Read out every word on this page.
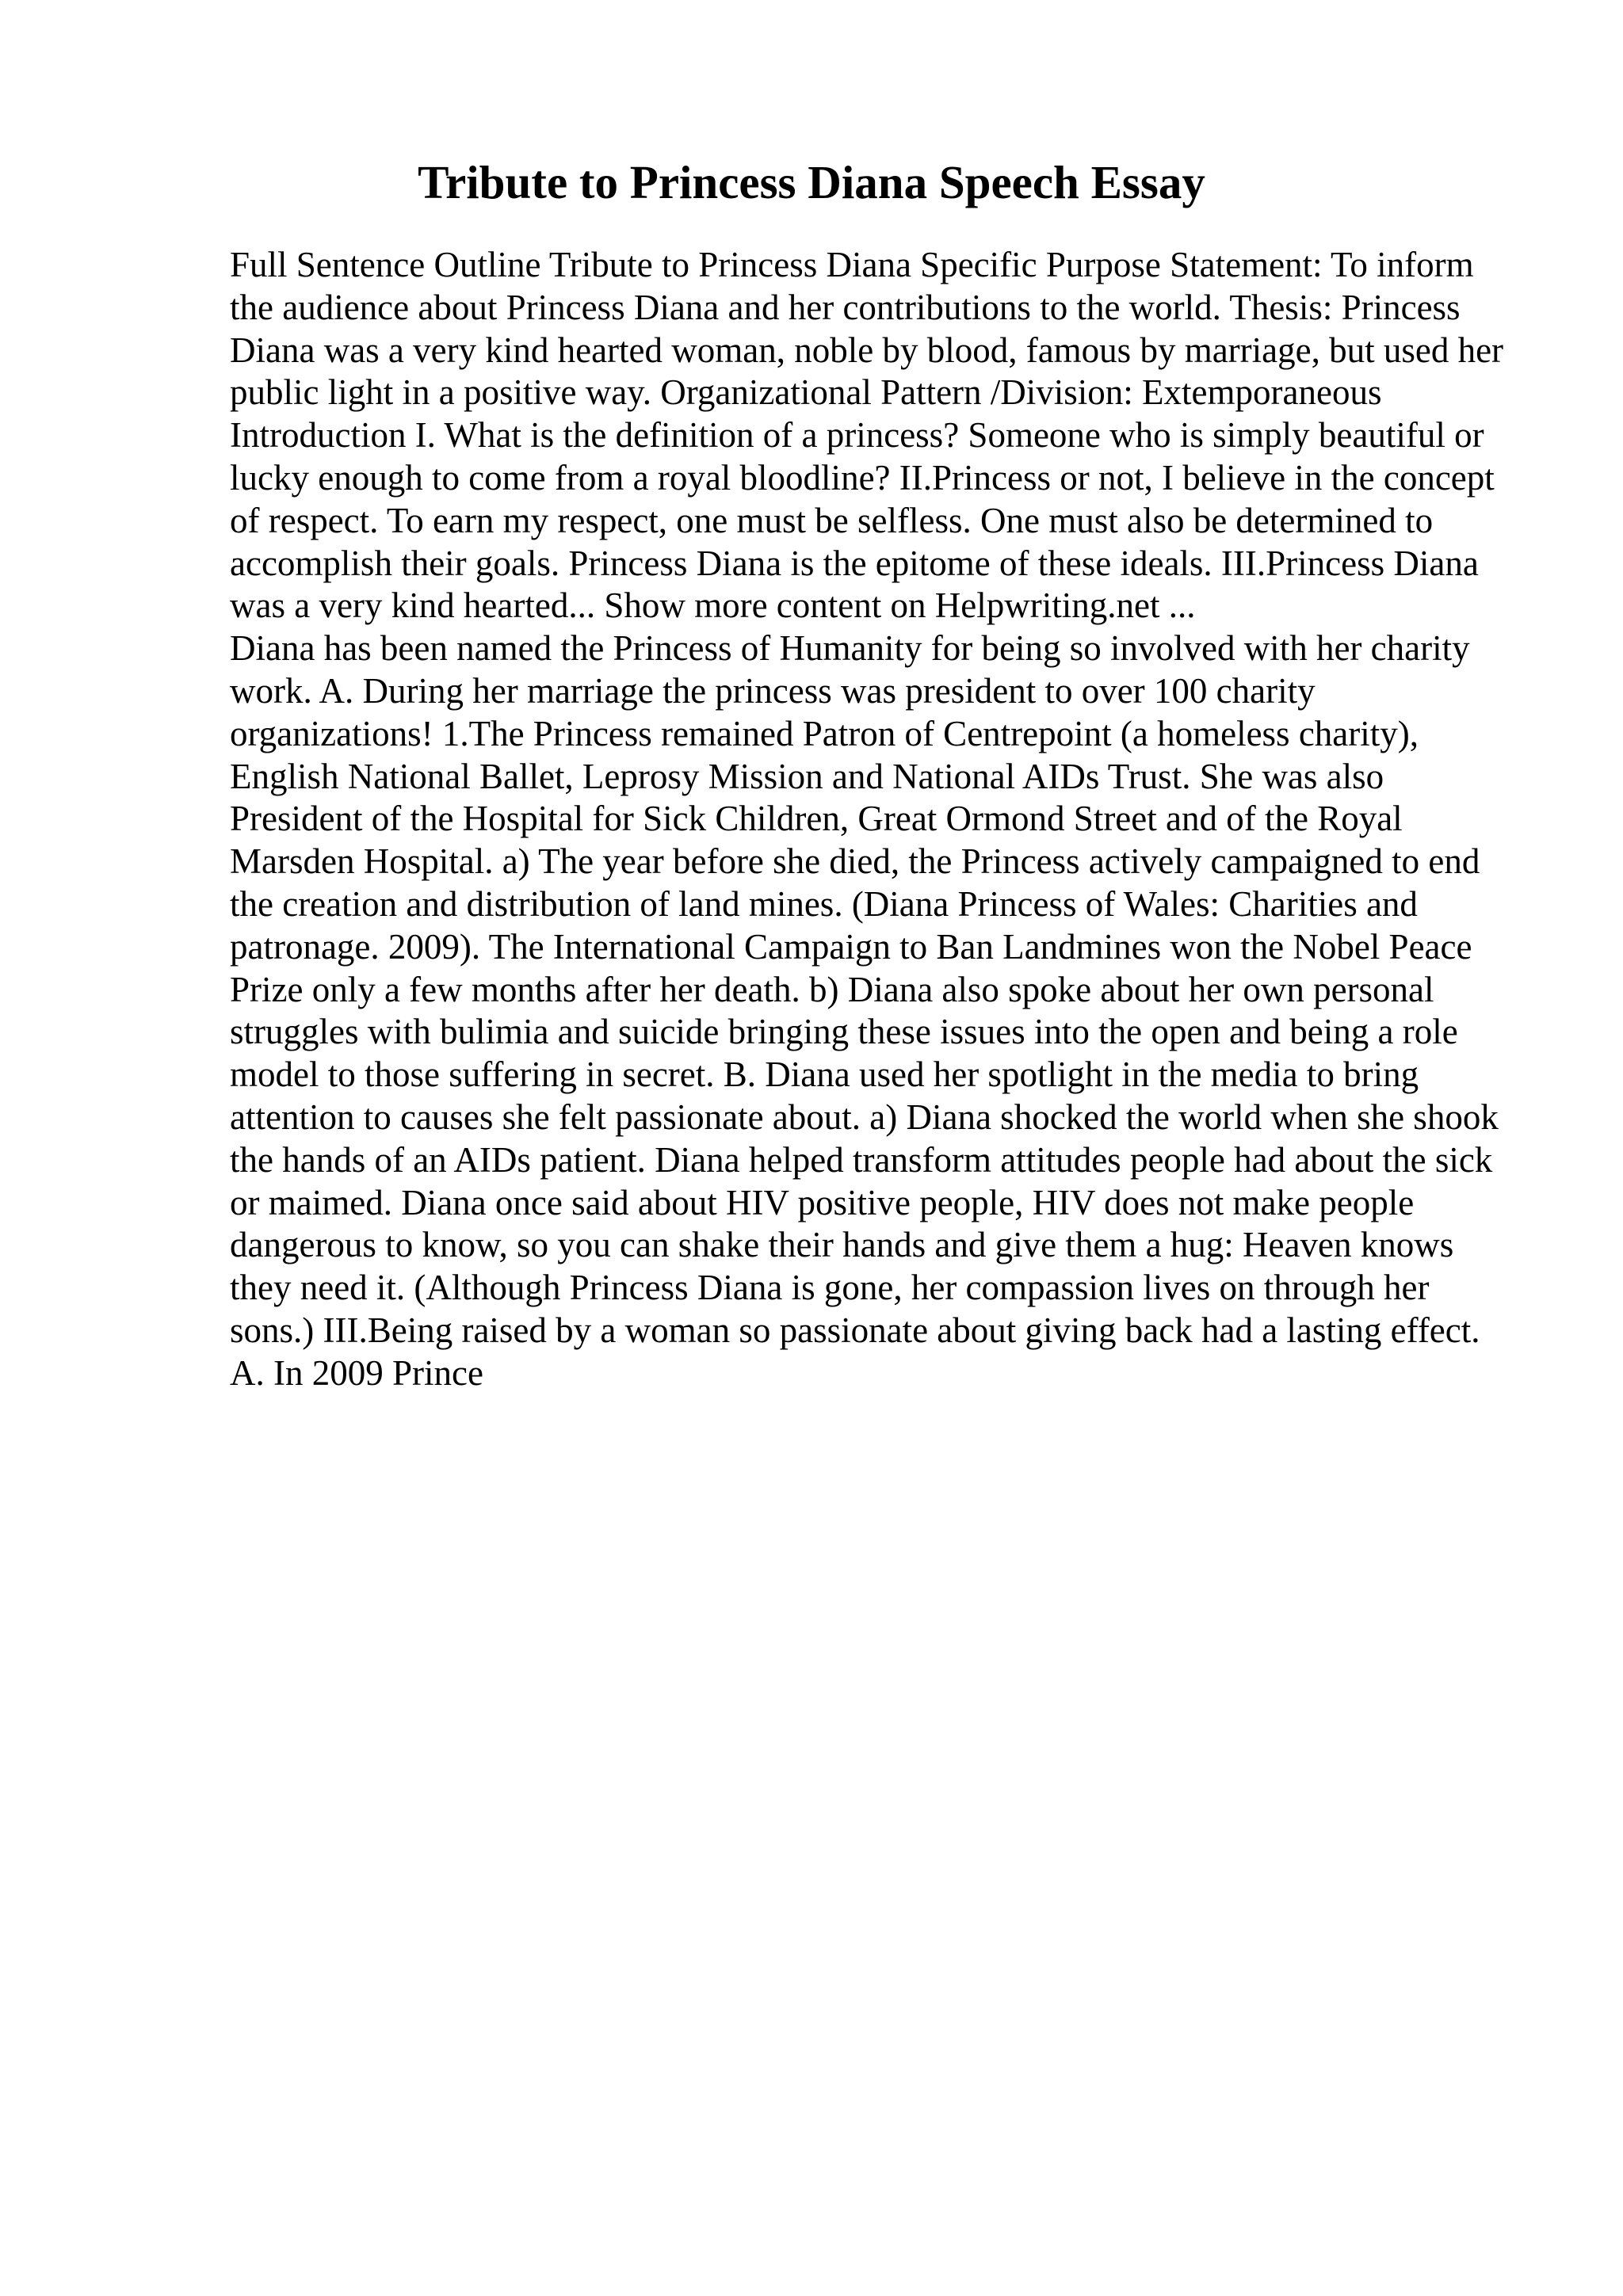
Tribute to Princess Diana Speech Essay

Full Sentence Outline Tribute to Princess Diana Specific Purpose Statement: To inform the audience about Princess Diana and her contributions to the world. Thesis: Princess Diana was a very kind hearted woman, noble by blood, famous by marriage, but used her public light in a positive way. Organizational Pattern /Division: Extemporaneous Introduction I. What is the definition of a princess? Someone who is simply beautiful or lucky enough to come from a royal bloodline? II.Princess or not, I believe in the concept of respect. To earn my respect, one must be selfless. One must also be determined to accomplish their goals. Princess Diana is the epitome of these ideals. III.Princess Diana was a very kind hearted... Show more content on Helpwriting.net ...

Diana has been named the Princess of Humanity for being so involved with her charity work. A. During her marriage the princess was president to over 100 charity organizations! 1.The Princess remained Patron of Centrepoint (a homeless charity), English National Ballet, Leprosy Mission and National AIDs Trust. She was also President of the Hospital for Sick Children, Great Ormond Street and of the Royal Marsden Hospital. a) The year before she died, the Princess actively campaigned to end the creation and distribution of land mines. (Diana Princess of Wales: Charities and patronage. 2009). The International Campaign to Ban Landmines won the Nobel Peace Prize only a few months after her death. b) Diana also spoke about her own personal struggles with bulimia and suicide bringing these issues into the open and being a role model to those suffering in secret. B. Diana used her spotlight in the media to bring attention to causes she felt passionate about. a) Diana shocked the world when she shook the hands of an AIDs patient. Diana helped transform attitudes people had about the sick or maimed. Diana once said about HIV positive people, HIV does not make people dangerous to know, so you can shake their hands and give them a hug: Heaven knows they need it. (Although Princess Diana is gone, her compassion lives on through her sons.) III.Being raised by a woman so passionate about giving back had a lasting effect. A. In 2009 Prince
